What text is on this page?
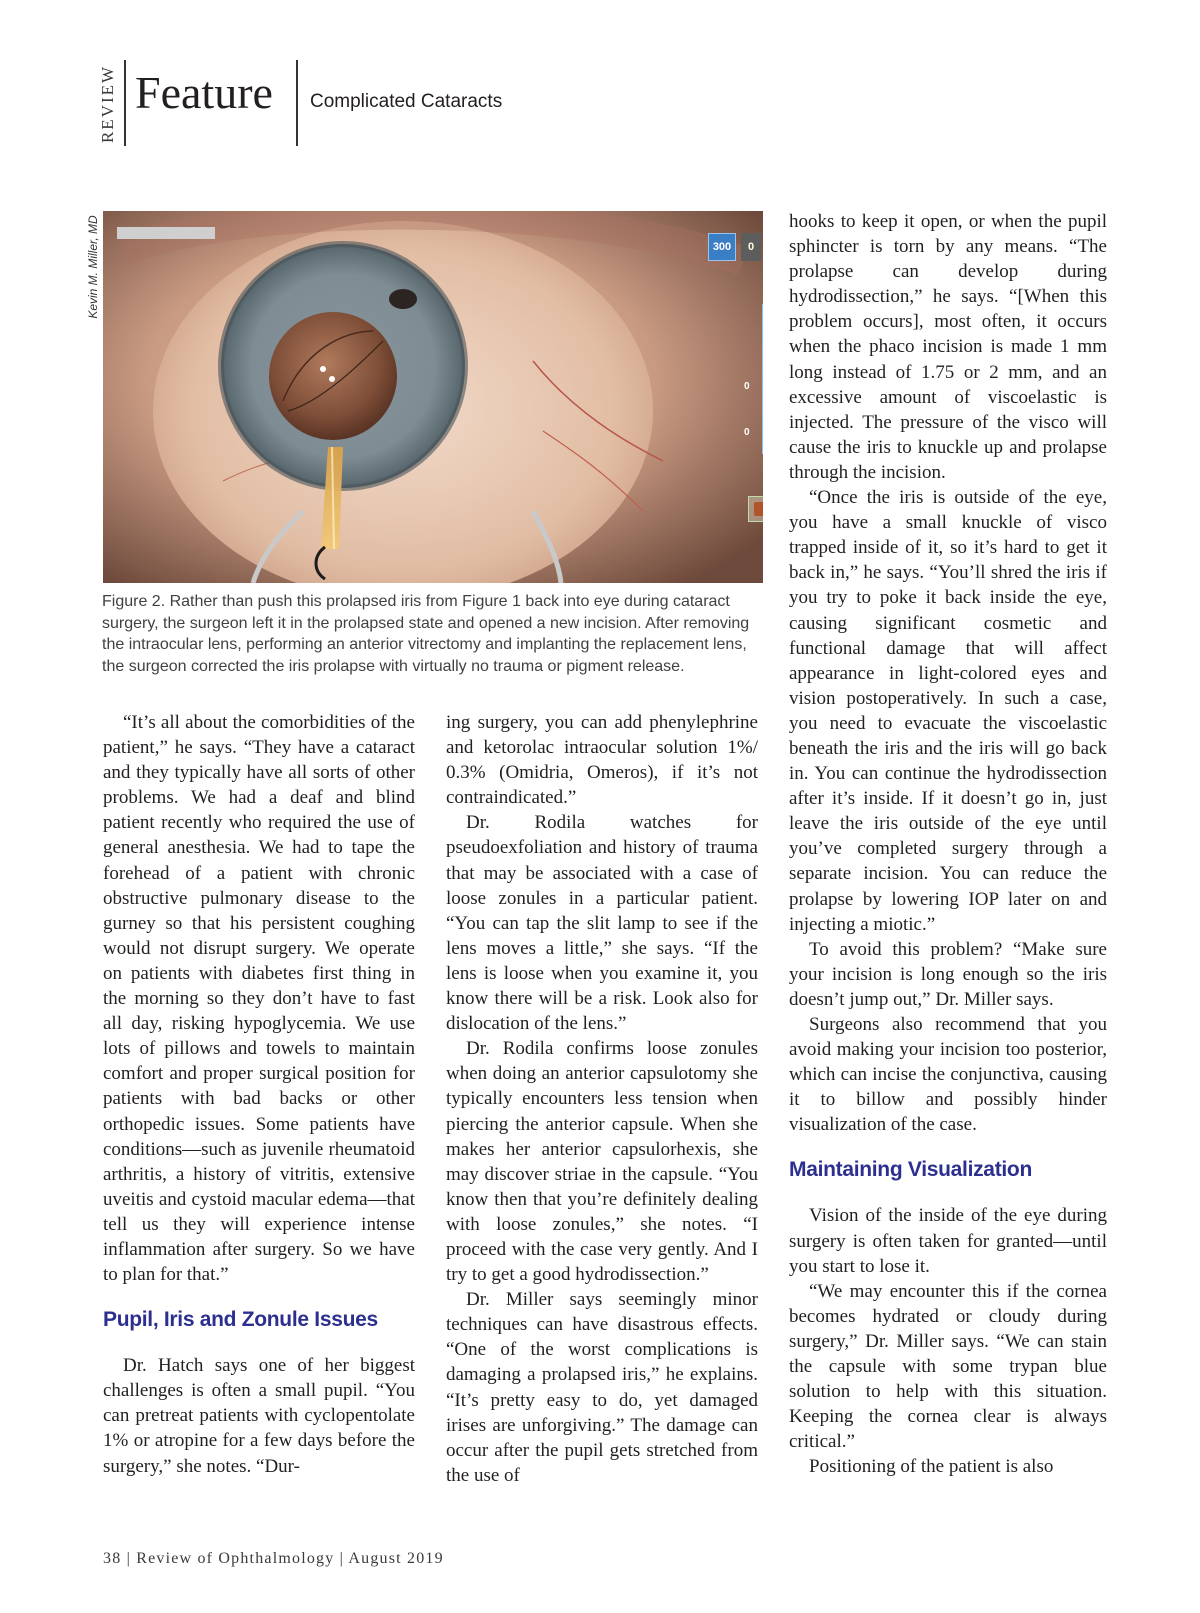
REVIEW Feature Complicated Cataracts
Kevin M. Miller, MD	300	0
0
0
Figure 2. Rather than push this prolapsed iris from Figure 1 back into eye during cataract surgery, the surgeon left it in the prolapsed state and opened a new incision. After removing the intraocular lens, performing an anterior vitrectomy and implanting the replacement lens, the surgeon corrected the iris prolapse with virtually no trauma or pigment release.

“It’s all about the comorbidities of the patient,” he says. “They have a cataract and they typically have all sorts of other problems. We had a deaf and blind patient recently who required the use of general anesthesia. We had to tape the forehead of a patient with chronic obstructive pulmonary disease to the gurney so that his persistent coughing would not disrupt surgery. We operate on patients with diabetes first thing in the morning so they don’t have to fast all day, risking hypoglycemia. We use lots of pillows and towels to maintain comfort and proper surgical position for patients with bad backs or other orthopedic issues. Some patients have conditions—such as juvenile rheumatoid arthritis, a history of vitritis, extensive uveitis and cystoid macular edema—that tell us they will experience intense inflammation after surgery. So we have to plan for that.”

Pupil, Iris and Zonule Issues

Dr. Hatch says one of her biggest challenges is often a small pupil. “You can pretreat patients with cyclopentolate 1% or atropine for a few days before the surgery,” she notes. “Dur-

ing surgery, you can add phenylephrine and ketorolac intraocular solution 1%/ 0.3% (Omidria, Omeros), if it’s not contraindicated.”

Dr. Rodila watches for pseudoexfoliation and history of trauma that may be associated with a case of loose zonules in a particular patient. “You can tap the slit lamp to see if the lens moves a little,” she says. “If the lens is loose when you examine it, you know there will be a risk. Look also for dislocation of the lens.”

Dr. Rodila confirms loose zonules when doing an anterior capsulotomy she typically encounters less tension when piercing the anterior capsule. When she makes her anterior capsulorhexis, she may discover striae in the capsule. “You know then that you’re definitely dealing with loose zonules,” she notes. “I proceed with the case very gently. And I try to get a good hydrodissection.”

Dr. Miller says seemingly minor techniques can have disastrous effects. “One of the worst complications is damaging a prolapsed iris,” he explains. “It’s pretty easy to do, yet damaged irises are unforgiving.” The damage can occur after the pupil gets stretched from the use of

hooks to keep it open, or when the pupil sphincter is torn by any means. “The prolapse can develop during hydrodissection,” he says. “[When this problem occurs], most often, it occurs when the phaco incision is made 1 mm long instead of 1.75 or 2 mm, and an excessive amount of viscoelastic is injected. The pressure of the visco will cause the iris to knuckle up and prolapse through the incision.

“Once the iris is outside of the eye, you have a small knuckle of visco trapped inside of it, so it’s hard to get it back in,” he says. “You’ll shred the iris if you try to poke it back inside the eye, causing significant cosmetic and functional damage that will affect appearance in light-colored eyes and vision postoperatively. In such a case, you need to evacuate the viscoelastic beneath the iris and the iris will go back in. You can continue the hydrodissection after it’s inside. If it doesn’t go in, just leave the iris outside of the eye until you’ve completed surgery through a separate incision. You can reduce the prolapse by lowering IOP later on and injecting a miotic.”

To avoid this problem? “Make sure your incision is long enough so the iris doesn’t jump out,” Dr. Miller says.

Surgeons also recommend that you avoid making your incision too posterior, which can incise the conjunctiva, causing it to billow and possibly hinder visualization of the case.

Maintaining Visualization

Vision of the inside of the eye during surgery is often taken for granted—until you start to lose it.

“We may encounter this if the cornea becomes hydrated or cloudy during surgery,” Dr. Miller says. “We can stain the capsule with some trypan blue solution to help with this situation. Keeping the cornea clear is always critical.”

Positioning of the patient is also

38 | Review of Ophthalmology | August 2019
